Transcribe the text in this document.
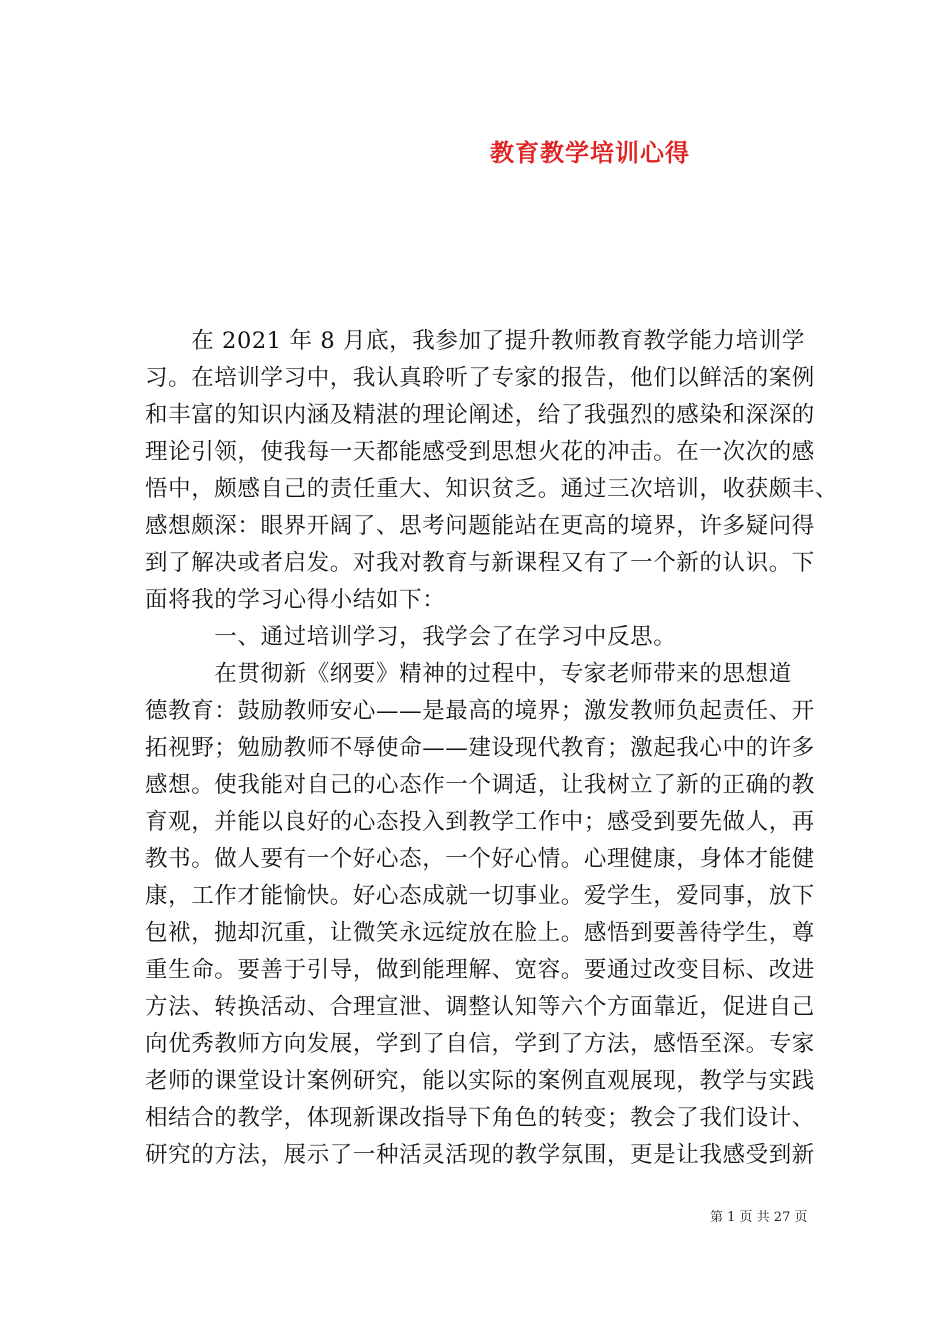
教育教学培训心得
　　在 2021 年 8 月底，我参加了提升教师教育教学能力培训学
习。在培训学习中，我认真聆听了专家的报告，他们以鲜活的案例
和丰富的知识内涵及精湛的理论阐述，给了我强烈的感染和深深的
理论引领，使我每一天都能感受到思想火花的冲击。在一次次的感
悟中，颇感自己的责任重大、知识贫乏。通过三次培训，收获颇丰、
感想颇深：眼界开阔了、思考问题能站在更高的境界，许多疑问得
到了解决或者启发。对我对教育与新课程又有了一个新的认识。下
面将我的学习心得小结如下：
　　　一、通过培训学习，我学会了在学习中反思。
　　　在贯彻新《纲要》精神的过程中，专家老师带来的思想道
德教育：鼓励教师安心——是最高的境界；激发教师负起责任、开
拓视野；勉励教师不辱使命——建设现代教育；激起我心中的许多
感想。使我能对自己的心态作一个调适，让我树立了新的正确的教
育观，并能以良好的心态投入到教学工作中；感受到要先做人，再
教书。做人要有一个好心态，一个好心情。心理健康，身体才能健
康，工作才能愉快。好心态成就一切事业。爱学生，爱同事，放下
包袱，抛却沉重，让微笑永远绽放在脸上。感悟到要善待学生，尊
重生命。要善于引导，做到能理解、宽容。要通过改变目标、改进
方法、转换活动、合理宣泄、调整认知等六个方面靠近，促进自己
向优秀教师方向发展，学到了自信，学到了方法，感悟至深。专家
老师的课堂设计案例研究，能以实际的案例直观展现，教学与实践
相结合的教学，体现新课改指导下角色的转变；教会了我们设计、
研究的方法，展示了一种活灵活现的教学氛围，更是让我感受到新
第 1 页 共 27 页
